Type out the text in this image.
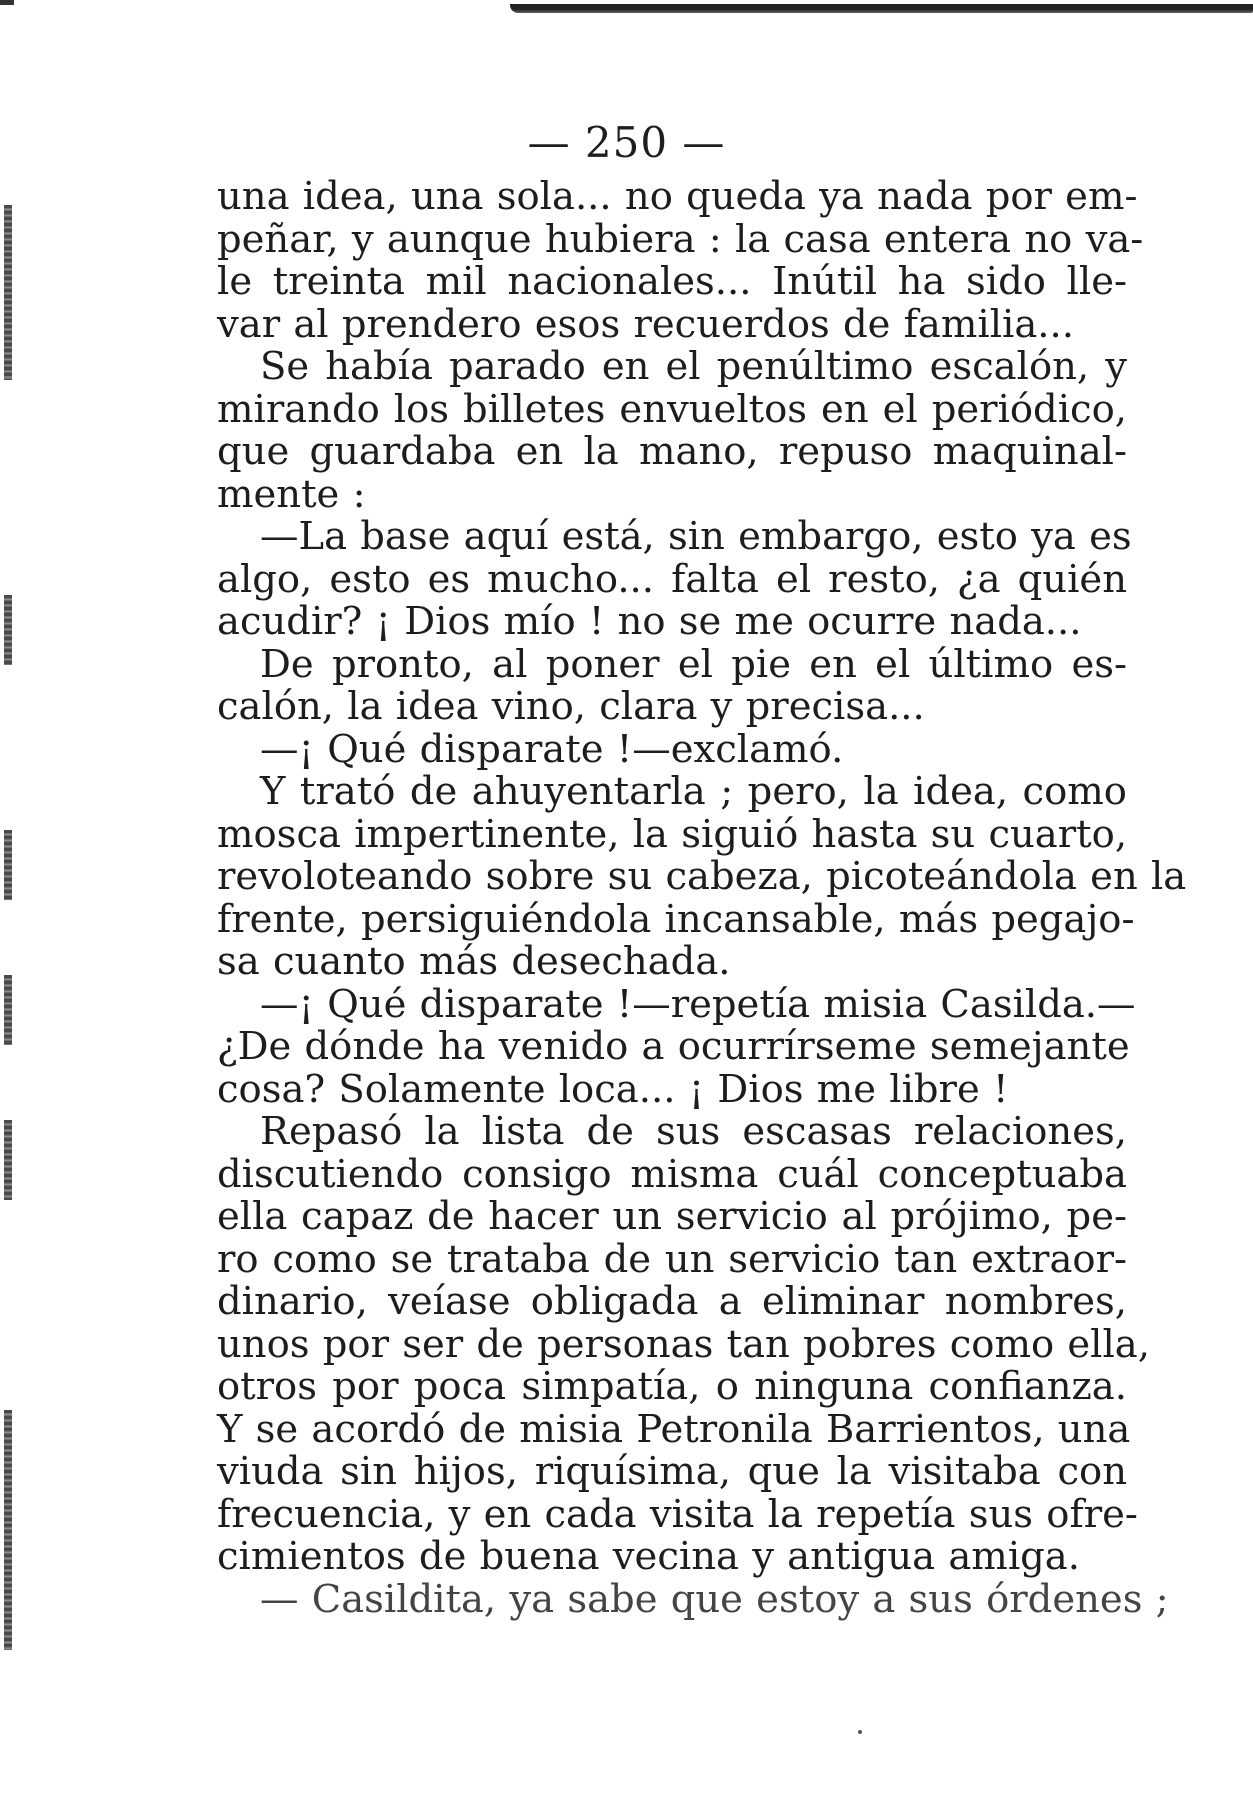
— 250 —
una idea, una sola... no queda ya nada por em-
peñar, y aunque hubiera : la casa entera no va-
le treinta mil nacionales... Inútil ha sido lle-
var al prendero esos recuerdos de familia...
Se había parado en el penúltimo escalón, y
mirando los billetes envueltos en el periódico,
que guardaba en la mano, repuso maquinal-
mente :
—La base aquí está, sin embargo, esto ya es
algo, esto es mucho... falta el resto, ¿a quién
acudir? ¡ Dios mío ! no se me ocurre nada...
De pronto, al poner el pie en el último es-
calón, la idea vino, clara y precisa...
—¡ Qué disparate !—exclamó.
Y trató de ahuyentarla ; pero, la idea, como
mosca impertinente, la siguió hasta su cuarto,
revoloteando sobre su cabeza, picoteándola en la
frente, persiguiéndola incansable, más pegajo-
sa cuanto más desechada.
—¡ Qué disparate !—repetía misia Casilda.—
¿De dónde ha venido a ocurrírseme semejante
cosa? Solamente loca... ¡ Dios me libre !
Repasó la lista de sus escasas relaciones,
discutiendo consigo misma cuál conceptuaba
ella capaz de hacer un servicio al prójimo, pe-
ro como se trataba de un servicio tan extraor-
dinario, veíase obligada a eliminar nombres,
unos por ser de personas tan pobres como ella,
otros por poca simpatía, o ninguna confianza.
Y se acordó de misia Petronila Barrientos, una
viuda sin hijos, riquísima, que la visitaba con
frecuencia, y en cada visita la repetía sus ofre-
cimientos de buena vecina y antigua amiga.
— Casildita, ya sabe que estoy a sus órdenes ;
